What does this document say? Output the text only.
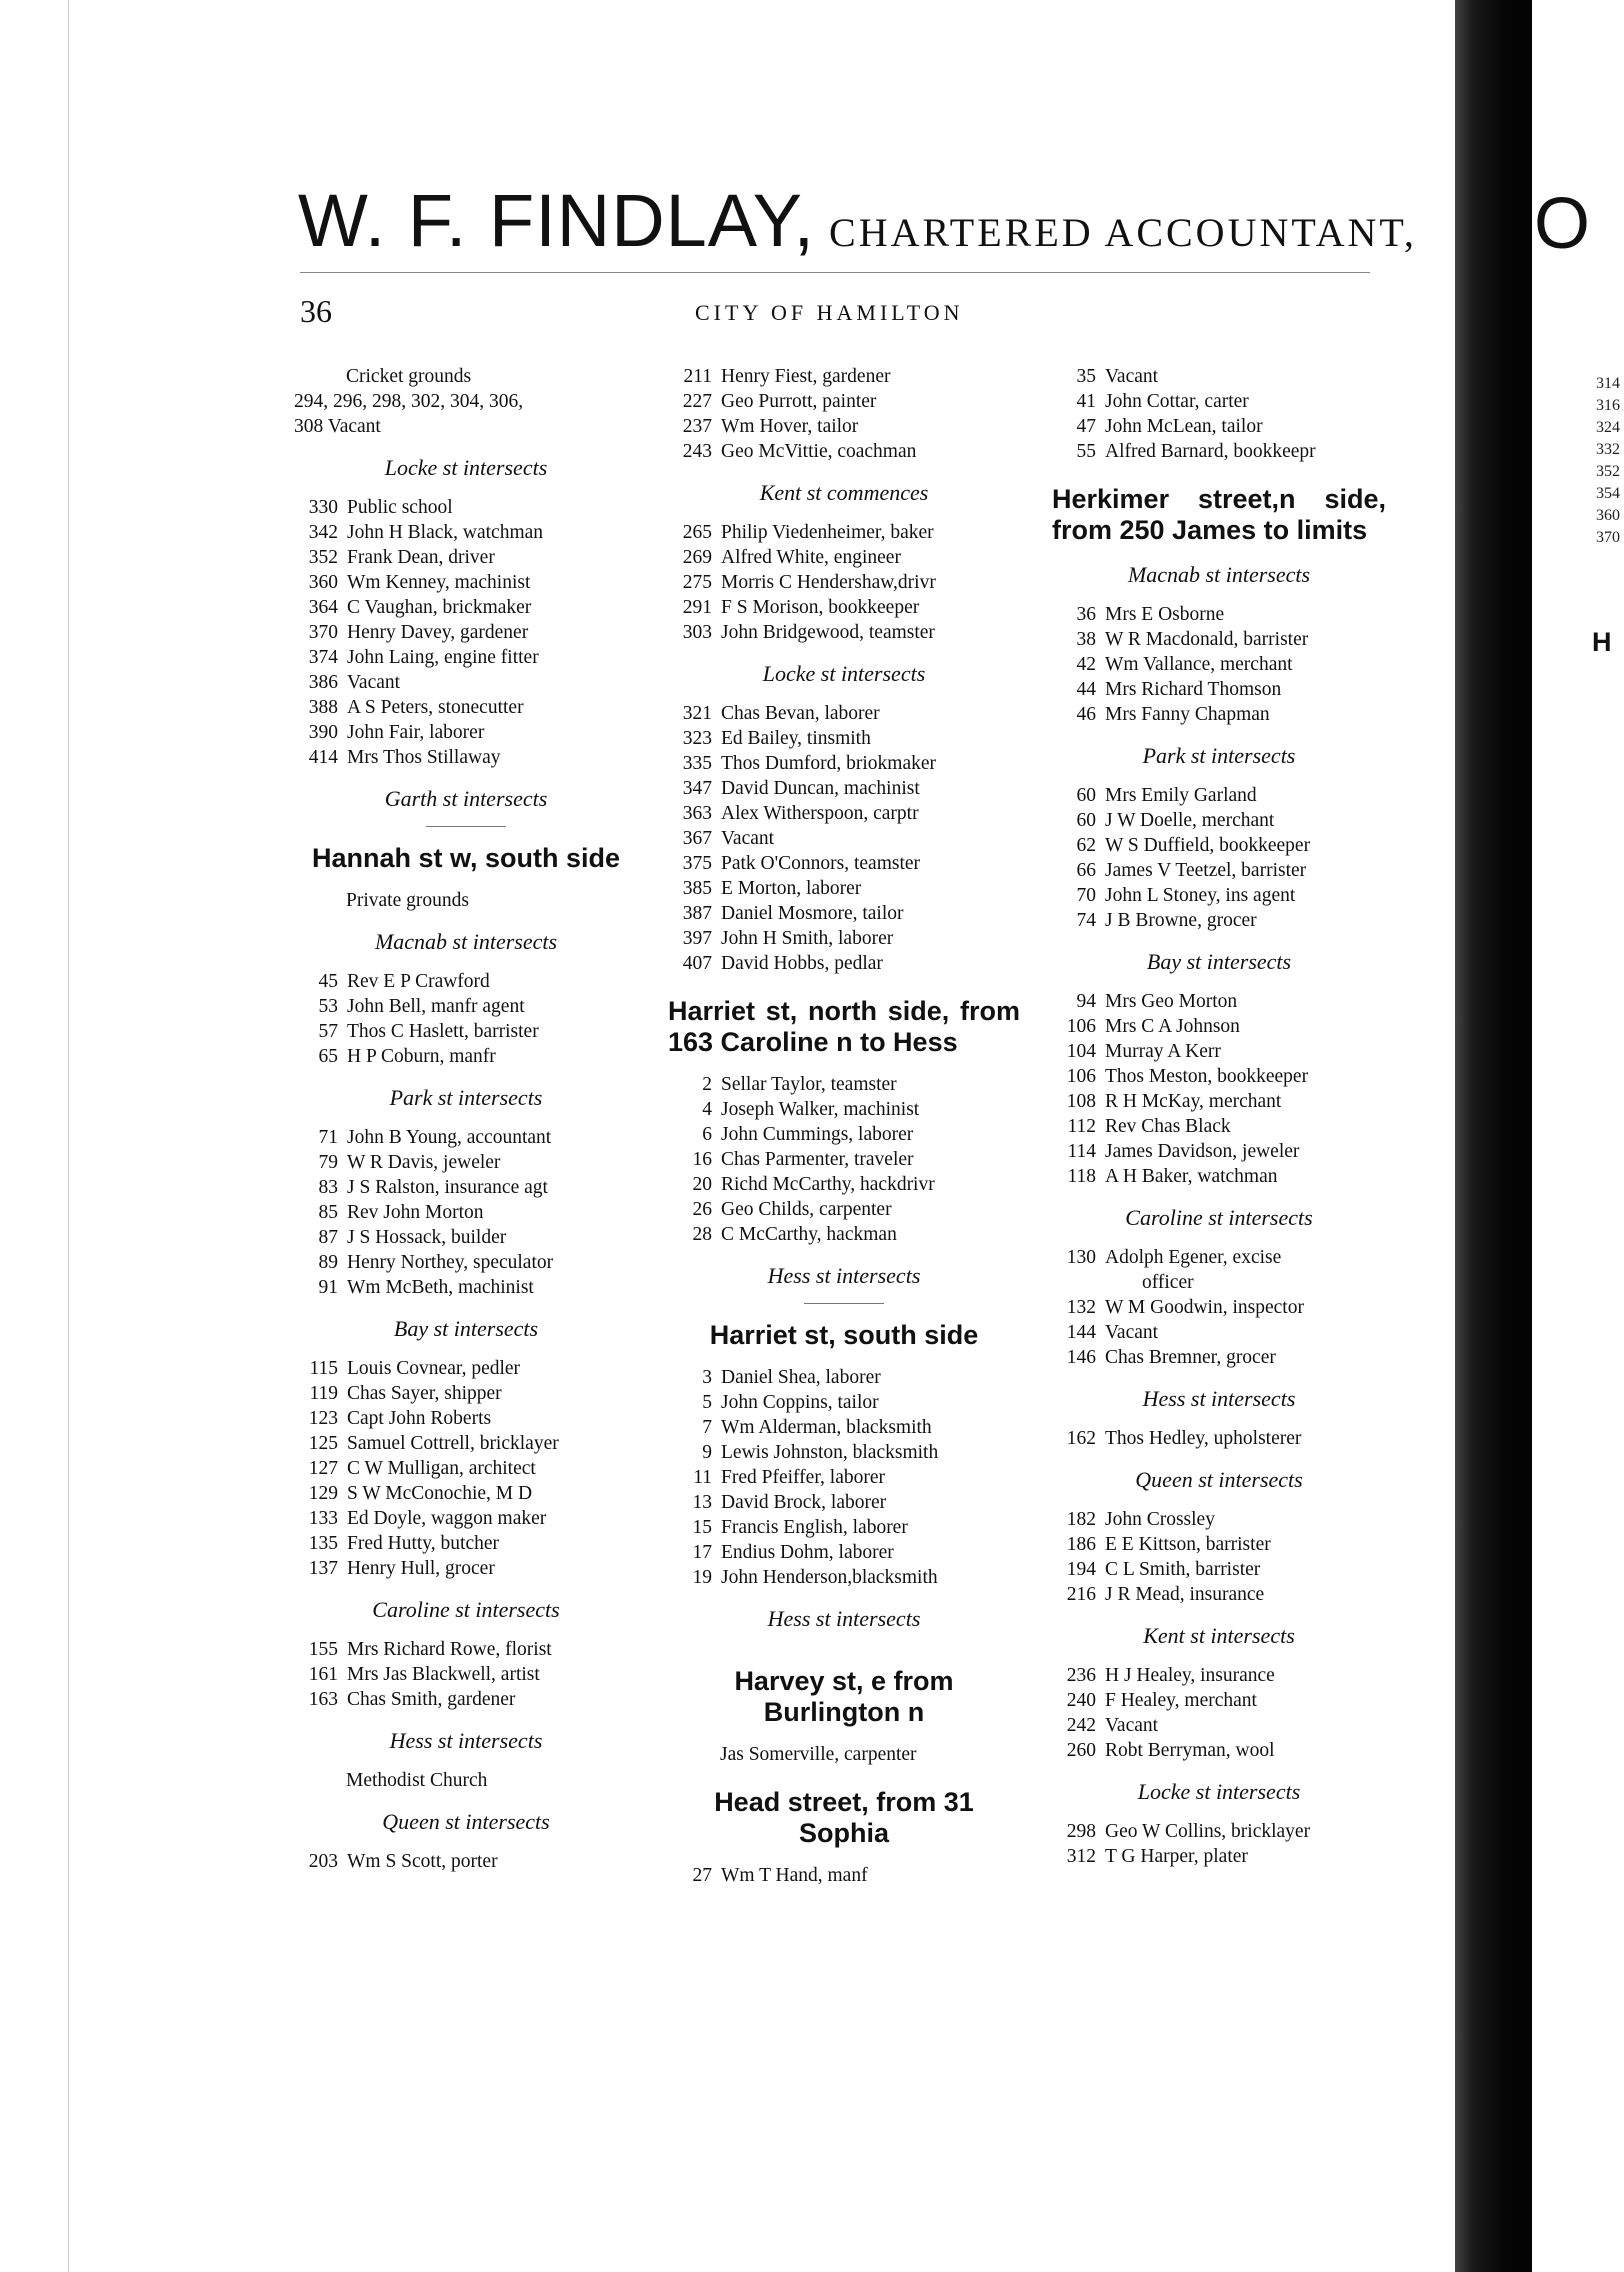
W. F. FINDLAY, CHARTERED ACCOUNTANT,
36	CITY OF HAMILTON
Cricket grounds
294, 296, 298, 302, 304, 306,
308 Vacant
Locke st intersects
330 Public school
342 John H Black, watchman
352 Frank Dean, driver
360 Wm Kenney, machinist
364 C Vaughan, brickmaker
370 Henry Davey, gardener
374 John Laing, engine fitter
386 Vacant
388 A S Peters, stonecutter
390 John Fair, laborer
414 Mrs Thos Stillaway
Garth st intersects
Hannah st w, south side
Private grounds
Macnab st intersects
45 Rev E P Crawford
53 John Bell, manfr agent
57 Thos C Haslett, barrister
65 H P Coburn, manfr
Park st intersects
71 John B Young, accountant
79 W R Davis, jeweler
83 J S Ralston, insurance agt
85 Rev John Morton
87 J S Hossack, builder
89 Henry Northey, speculator
91 Wm McBeth, machinist
Bay st intersects
115 Louis Covnear, pedler
119 Chas Sayer, shipper
123 Capt John Roberts
125 Samuel Cottrell, bricklayer
127 C W Mulligan, architect
129 S W McConochie, M D
133 Ed Doyle, waggon maker
135 Fred Hutty, butcher
137 Henry Hull, grocer
Caroline st intersects
155 Mrs Richard Rowe, florist
161 Mrs Jas Blackwell, artist
163 Chas Smith, gardener
Hess st intersects
Methodist Church
Queen st intersects
203 Wm S Scott, porter
211 Henry Fiest, gardener
227 Geo Purrott, painter
237 Wm Hover, tailor
243 Geo McVittie, coachman
Kent st commences
265 Philip Viedenheimer, baker
269 Alfred White, engineer
275 Morris C Hendershaw,drivr
291 F S Morison, bookkeeper
303 John Bridgewood, teamster
Locke st intersects
321 Chas Bevan, laborer
323 Ed Bailey, tinsmith
335 Thos Dumford, briokmaker
347 David Duncan, machinist
363 Alex Witherspoon, carptr
367 Vacant
375 Patk O'Connors, teamster
385 E Morton, laborer
387 Daniel Mosmore, tailor
397 John H Smith, laborer
407 David Hobbs, pedlar
Harriet st, north side, from 163 Caroline n to Hess
2 Sellar Taylor, teamster
4 Joseph Walker, machinist
6 John Cummings, laborer
16 Chas Parmenter, traveler
20 Richd McCarthy, hackdrivr
26 Geo Childs, carpenter
28 C McCarthy, hackman
Hess st intersects
Harriet st, south side
3 Daniel Shea, laborer
5 John Coppins, tailor
7 Wm Alderman, blacksmith
9 Lewis Johnston, blacksmith
11 Fred Pfeiffer, laborer
13 David Brock, laborer
15 Francis English, laborer
17 Endius Dohm, laborer
19 John Henderson,blacksmith
Hess st intersects
Harvey st, e from Burlington n
Jas Somerville, carpenter
Head street, from 31 Sophia
27 Wm T Hand, manf
35 Vacant
41 John Cottar, carter
47 John McLean, tailor
55 Alfred Barnard, bookkeepr
Herkimer street,n side, from 250 James to limits
Macnab st intersects
36 Mrs E Osborne
38 W R Macdonald, barrister
42 Wm Vallance, merchant
44 Mrs Richard Thomson
46 Mrs Fanny Chapman
Park st intersects
60 Mrs Emily Garland
60 J W Doelle, merchant
62 W S Duffield, bookkeeper
66 James V Teetzel, barrister
70 John L Stoney, ins agent
74 J B Browne, grocer
Bay st intersects
94 Mrs Geo Morton
106 Mrs C A Johnson
104 Murray A Kerr
106 Thos Meston, bookkeeper
108 R H McKay, merchant
112 Rev Chas Black
114 James Davidson, jeweler
118 A H Baker, watchman
Caroline st intersects
130 Adolph Egener, excise
officer
132 W M Goodwin, inspector
144 Vacant
146 Chas Bremner, grocer
Hess st intersects
162 Thos Hedley, upholsterer
Queen st intersects
182 John Crossley
186 E E Kittson, barrister
194 C L Smith, barrister
216 J R Mead, insurance
Kent st intersects
236 H J Healey, insurance
240 F Healey, merchant
242 Vacant
260 Robt Berryman, wool
Locke st intersects
298 Geo W Collins, bricklayer
312 T G Harper, plater
O
314
316
324
332
352
354
360
370
H
